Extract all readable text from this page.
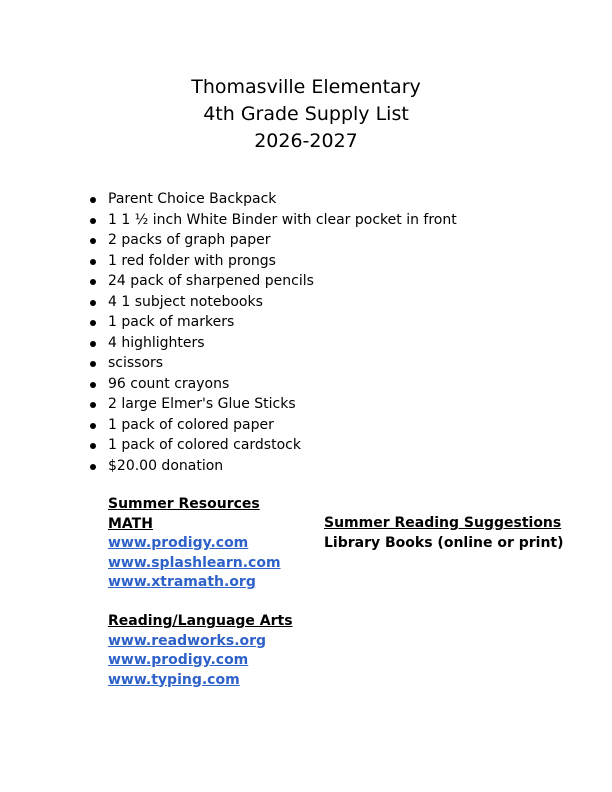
Thomasville Elementary
4th Grade Supply List
2026-2027
Parent Choice Backpack
1 1 ½ inch White Binder with clear pocket in front
2 packs of graph paper
1 red folder with prongs
24 pack of sharpened pencils
4 1 subject notebooks
1 pack of markers
4 highlighters
scissors
96 count crayons
2 large Elmer's Glue Sticks
1 pack of colored paper
1 pack of colored cardstock
$20.00 donation
Summer Resources
MATH
www.prodigy.com
www.splashlearn.com
www.xtramath.org
Reading/Language Arts
www.readworks.org
www.prodigy.com
www.typing.com
Summer Reading Suggestions
Library Books (online or print)
